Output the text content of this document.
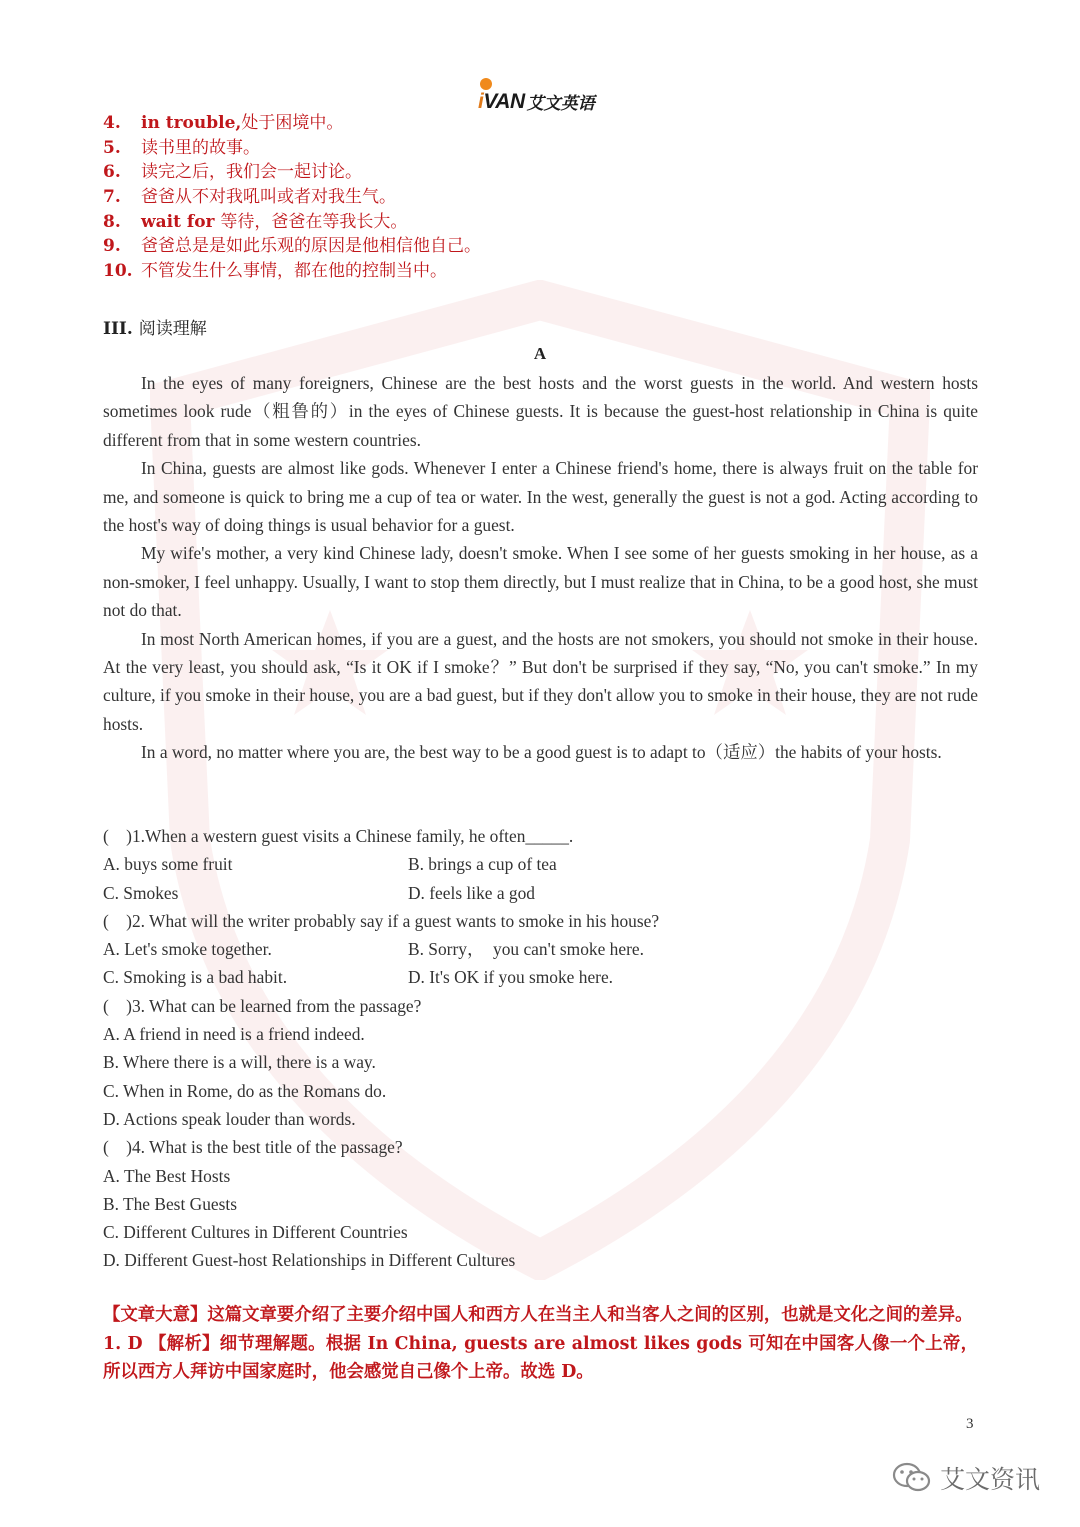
iVAN 艾文英语
4.	in trouble,处于困境中。
5.	读书里的故事。
6.	读完之后，我们会一起讨论。
7.	爸爸从不对我吼叫或者对我生气。
8.	wait for 等待，爸爸在等我长大。
9.	爸爸总是是如此乐观的原因是他相信他自己。
10. 不管发生什么事情，都在他的控制当中。
III. 阅读理解
A

In the eyes of many foreigners, Chinese are the best hosts and the worst guests in the world. And western hosts sometimes look rude（粗鲁的）in the eyes of Chinese guests. It is because the guest-host relationship in China is quite different from that in some western countries.

In China, guests are almost like gods. Whenever I enter a Chinese friend's home, there is always fruit on the table for me, and someone is quick to bring me a cup of tea or water. In the west, generally the guest is not a god. Acting according to the host's way of doing things is usual behavior for a guest.

My wife's mother, a very kind Chinese lady, doesn't smoke. When I see some of her guests smoking in her house, as a non-smoker, I feel unhappy. Usually, I want to stop them directly, but I must realize that in China, to be a good host, she must not do that.

In most North American homes, if you are a guest, and the hosts are not smokers, you should not smoke in their house. At the very least, you should ask, “Is it OK if I smoke？” But don't be surprised if they say, “No, you can't smoke.” In my culture, if you smoke in their house, you are a bad guest, but if they don't allow you to smoke in their house, they are not rude hosts.

In a word, no matter where you are, the best way to be a good guest is to adapt to（适应）the habits of your hosts.

(　)1.When a western guest visits a Chinese family, he often_____.
A. buys some fruit	B. brings a cup of tea
C. Smokes	D. feels like a god
(　)2. What will the writer probably say if a guest wants to smoke in his house?
A. Let's smoke together.	B. Sorry，　you can't smoke here.
C. Smoking is a bad habit.	D. It's OK if you smoke here.
(　)3. What can be learned from the passage?
A. A friend in need is a friend indeed.
B. Where there is a will, there is a way.
C. When in Rome, do as the Romans do.
D. Actions speak louder than words.
(　)4. What is the best title of the passage?
A. The Best Hosts
B. The Best Guests
C. Different Cultures in Different Countries
D. Different Guest-host Relationships in Different Cultures

【文章大意】这篇文章要介绍了主要介绍中国人和西方人在当主人和当客人之间的区别，也就是文化之间的差异。

1. D 【解析】细节理解题。根据 In China, guests are almost likes gods 可知在中国客人像一个上帝，所以西方人拜访中国家庭时，他会感觉自己像个上帝。故选 D。

3
艾文资讯
